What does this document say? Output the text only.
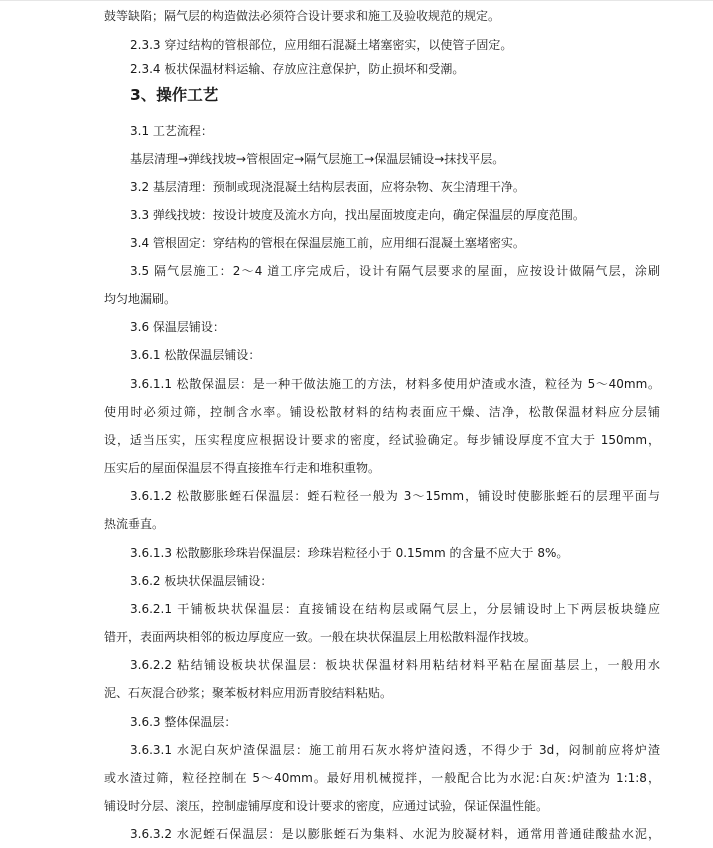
鼓等缺陷；隔气层的构造做法必须符合设计要求和施工及验收规范的规定。
2.3.3 穿过结构的管根部位，应用细石混凝土堵塞密实，以使管子固定。
2.3.4 板状保温材料运输、存放应注意保护，防止损坏和受潮。
3、操作工艺
3.1 工艺流程：
基层清理→弹线找坡→管根固定→隔气层施工→保温层铺设→抹找平层。
3.2 基层清理：预制或现浇混凝土结构层表面，应将杂物、灰尘清理干净。
3.3 弹线找坡：按设计坡度及流水方向，找出屋面坡度走向，确定保温层的厚度范围。
3.4 管根固定：穿结构的管根在保温层施工前，应用细石混凝土塞堵密实。
3.5 隔气层施工：2～4 道工序完成后，设计有隔气层要求的屋面，应按设计做隔气层，涂刷
均匀地漏刷。
3.6 保温层铺设：
3.6.1 松散保温层铺设：
3.6.1.1 松散保温层：是一种干做法施工的方法，材料多使用炉渣或水渣，粒径为 5～40mm。
使用时必须过筛，控制含水率。铺设松散材料的结构表面应干燥、洁净，松散保温材料应分层铺
设，适当压实，压实程度应根据设计要求的密度，经试验确定。每步铺设厚度不宜大于 150mm，
压实后的屋面保温层不得直接推车行走和堆积重物。
3.6.1.2 松散膨胀蛭石保温层：蛭石粒径一般为 3～15mm，铺设时使膨胀蛭石的层理平面与
热流垂直。
3.6.1.3 松散膨胀珍珠岩保温层：珍珠岩粒径小于 0.15mm 的含量不应大于 8%。
3.6.2 板块状保温层铺设：
3.6.2.1 干铺板块状保温层：直接铺设在结构层或隔气层上，分层铺设时上下两层板块缝应
错开，表面两块相邻的板边厚度应一致。一般在块状保温层上用松散料湿作找坡。
3.6.2.2 粘结铺设板块状保温层：板块状保温材料用粘结材料平粘在屋面基层上，一般用水
泥、石灰混合砂浆；聚苯板材料应用沥青胶结料粘贴。
3.6.3 整体保温层：
3.6.3.1 水泥白灰炉渣保温层：施工前用石灰水将炉渣闷透，不得少于 3d，闷制前应将炉渣
或水渣过筛，粒径控制在 5～40mm。最好用机械搅拌，一般配合比为水泥:白灰:炉渣为 1:1:8，
铺设时分层、滚压，控制虚铺厚度和设计要求的密度，应通过试验，保证保温性能。
3.6.3.2 水泥蛭石保温层：是以膨胀蛭石为集料、水泥为胶凝材料，通常用普通硅酸盐水泥，
